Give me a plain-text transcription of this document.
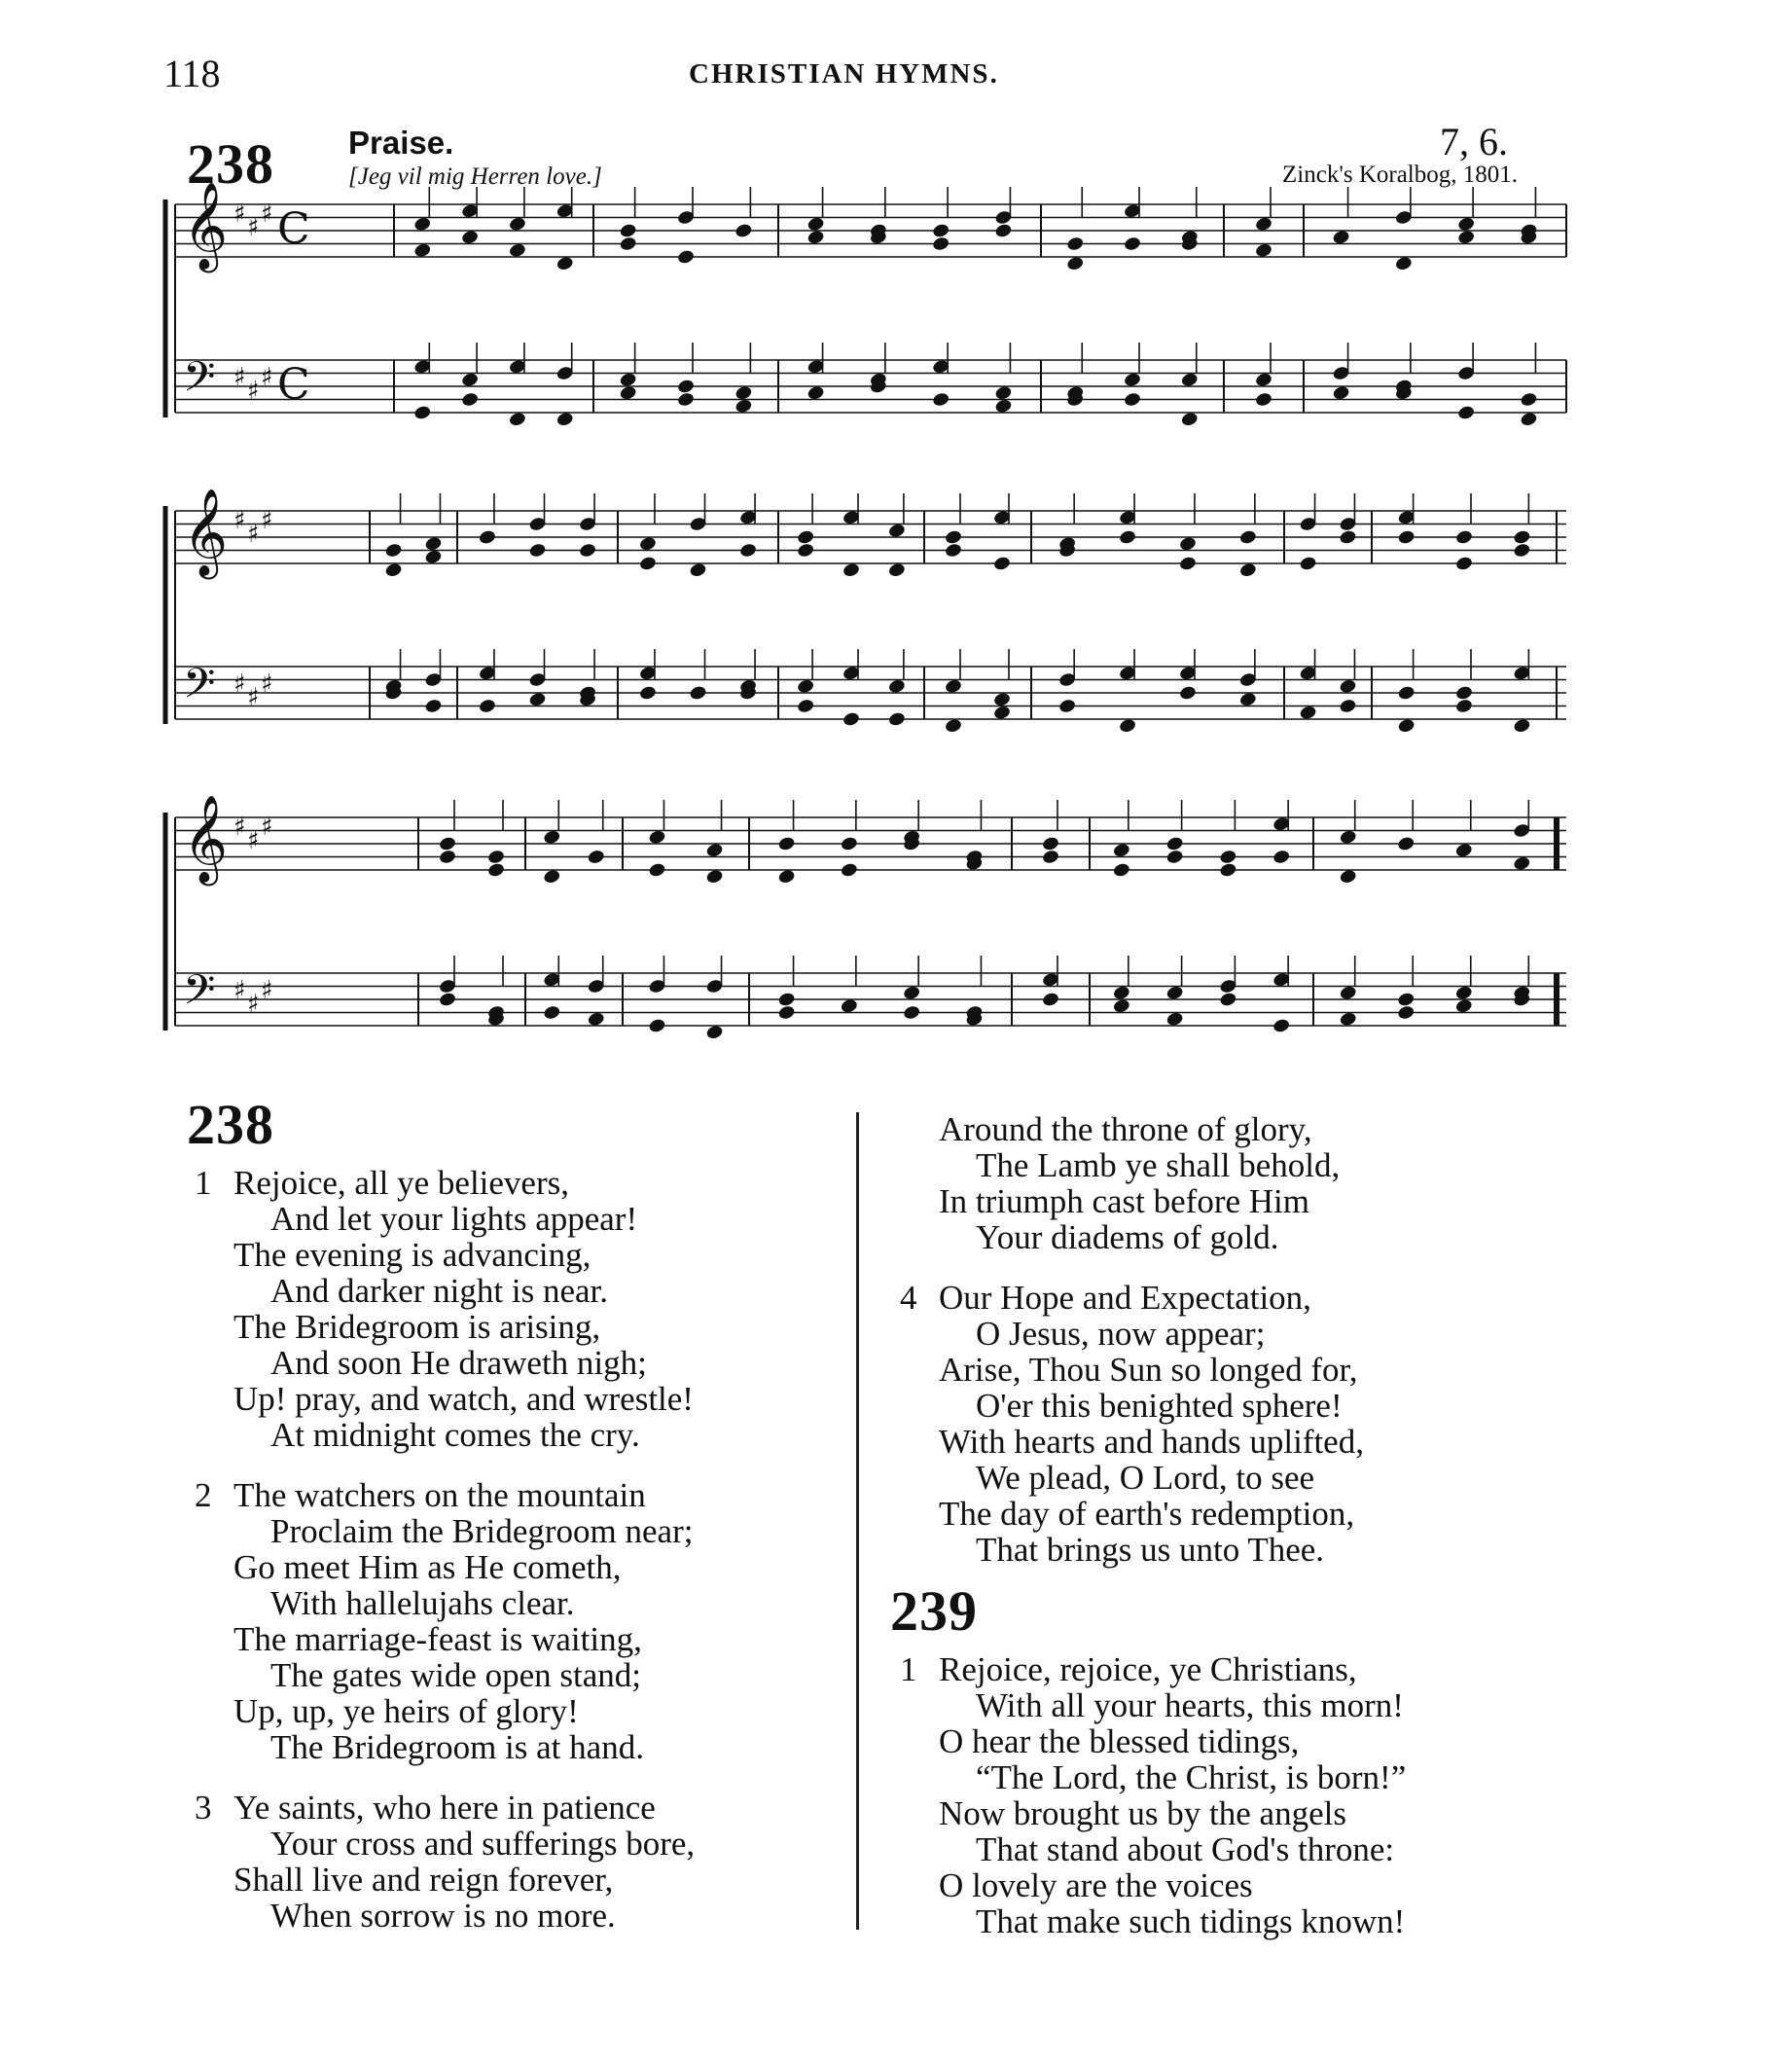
118	CHRISTIAN HYMNS.
238 Praise.
[Jeg vil mig Herren love.]
7, 6.
Zinck's Koralbog, 1801.
𝄞 ♯ ♯ ♯ C
𝄢 ♯ ♯ ♯ C
𝄞 ♯ ♯ ♯
𝄢 ♯ ♯ ♯
𝄞 ♯ ♯ ♯
𝄢 ♯ ♯ ♯
238
1 Rejoice, all ye believers,
And let your lights appear!
The evening is advancing,
And darker night is near.
The Bridegroom is arising,
And soon He draweth nigh;
Up! pray, and watch, and wrestle!
At midnight comes the cry.
2 The watchers on the mountain
Proclaim the Bridegroom near;
Go meet Him as He cometh,
With hallelujahs clear.
The marriage-feast is waiting,
The gates wide open stand;
Up, up, ye heirs of glory!
The Bridegroom is at hand.
3 Ye saints, who here in patience
Your cross and sufferings bore,
Shall live and reign forever,
When sorrow is no more.
Around the throne of glory,
The Lamb ye shall behold,
In triumph cast before Him
Your diadems of gold.
4 Our Hope and Expectation,
O Jesus, now appear;
Arise, Thou Sun so longed for,
O'er this benighted sphere!
With hearts and hands uplifted,
We plead, O Lord, to see
The day of earth's redemption,
That brings us unto Thee.
239
1 Rejoice, rejoice, ye Christians,
With all your hearts, this morn!
O hear the blessed tidings,
“The Lord, the Christ, is born!”
Now brought us by the angels
That stand about God's throne:
O lovely are the voices
That make such tidings known!
